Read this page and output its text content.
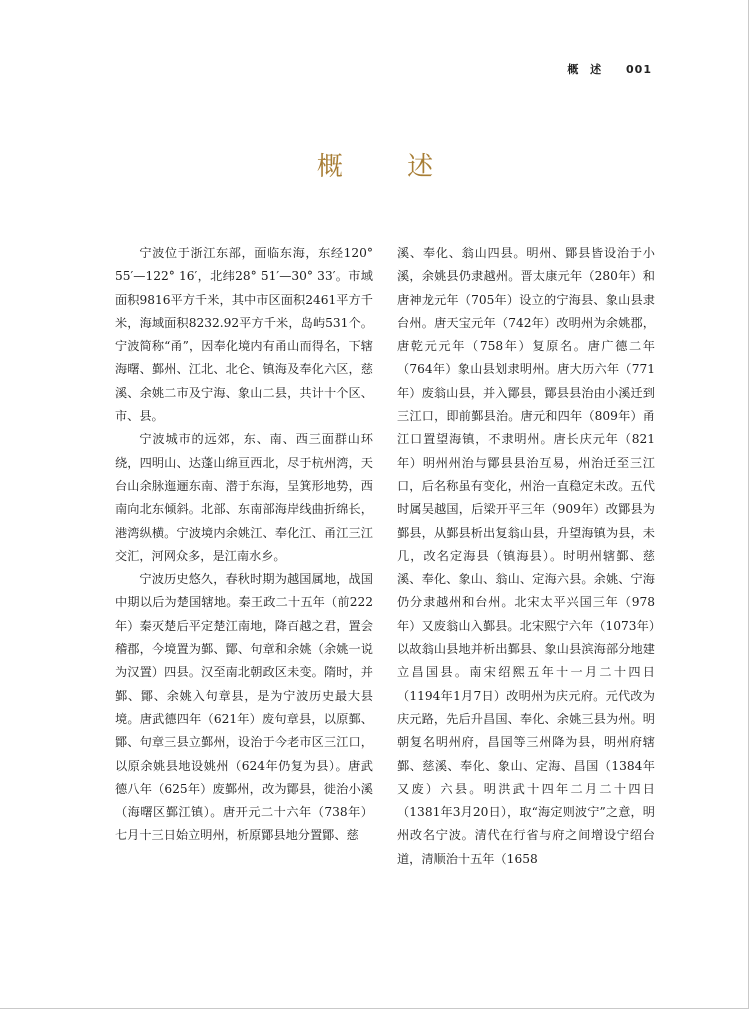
概 述 001
概 述

宁波位于浙江东部，面临东海，东经120° 55′—122° 16′，北纬28° 51′—30° 33′。市域面积9816平方千米，其中市区面积2461平方千米，海域面积8232.92平方千米，岛屿531个。宁波简称“甬”，因奉化境内有甬山而得名，下辖海曙、鄞州、江北、北仑、镇海及奉化六区，慈溪、余姚二市及宁海、象山二县，共计十个区、市、县。

宁波城市的远郊，东、南、西三面群山环绕，四明山、达蓬山绵亘西北，尽于杭州湾，天台山余脉迤逦东南、潜于东海，呈箕形地势，西南向北东倾斜。北部、东南部海岸线曲折绵长，港湾纵横。宁波境内余姚江、奉化江、甬江三江交汇，河网众多，是江南水乡。

宁波历史悠久，春秋时期为越国属地，战国中期以后为楚国辖地。秦王政二十五年（前222年）秦灭楚后平定楚江南地，降百越之君，置会稽郡，今境置为鄞、鄮、句章和余姚（余姚一说为汉置）四县。汉至南北朝政区未变。隋时，并鄞、鄮、余姚入句章县，是为宁波历史最大县境。唐武德四年（621年）废句章县，以原鄞、鄮、句章三县立鄞州，设治于今老市区三江口，以原余姚县地设姚州（624年仍复为县）。唐武德八年（625年）废鄞州，改为鄮县，徙治小溪（海曙区鄞江镇）。唐开元二十六年（738年）七月十三日始立明州，析原鄮县地分置鄮、慈

溪、奉化、翁山四县。明州、鄮县皆设治于小溪，余姚县仍隶越州。晋太康元年（280年）和唐神龙元年（705年）设立的宁海县、象山县隶台州。唐天宝元年（742年）改明州为余姚郡，唐乾元元年（758年）复原名。唐广德二年（764年）象山县划隶明州。唐大历六年（771年）废翁山县，并入鄮县，鄮县县治由小溪迁到三江口，即前鄞县治。唐元和四年（809年）甬江口置望海镇，不隶明州。唐长庆元年（821年）明州州治与鄮县县治互易，州治迁至三江口，后名称虽有变化，州治一直稳定未改。五代时属吴越国，后梁开平三年（909年）改鄮县为鄞县，从鄞县析出复翁山县，升望海镇为县，未几，改名定海县（镇海县）。时明州辖鄞、慈溪、奉化、象山、翁山、定海六县。余姚、宁海仍分隶越州和台州。北宋太平兴国三年（978年）又废翁山入鄞县。北宋熙宁六年（1073年）以故翁山县地并析出鄞县、象山县滨海部分地建立昌国县。南宋绍熙五年十一月二十四日（1194年1月7日）改明州为庆元府。元代改为庆元路，先后升昌国、奉化、余姚三县为州。明朝复名明州府，昌国等三州降为县，明州府辖鄞、慈溪、奉化、象山、定海、昌国（1384年又废）六县。明洪武十四年二月二十四日（1381年3月20日），取“海定则波宁”之意，明州改名宁波。清代在行省与府之间增设宁绍台道，清顺治十五年（1658
